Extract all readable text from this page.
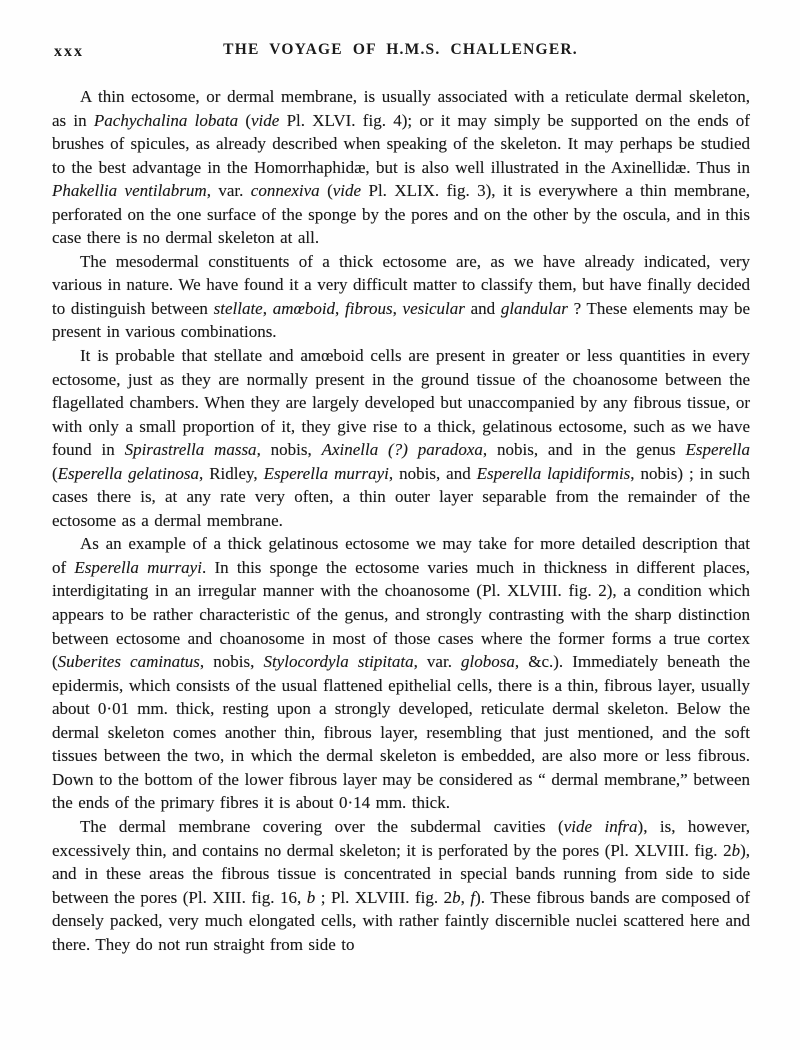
xxx	THE VOYAGE OF H.M.S. CHALLENGER.

A thin ectosome, or dermal membrane, is usually associated with a reticulate dermal skeleton, as in Pachychalina lobata (vide Pl. XLVI. fig. 4); or it may simply be supported on the ends of brushes of spicules, as already described when speaking of the skeleton. It may perhaps be studied to the best advantage in the Homorrhaphidæ, but is also well illustrated in the Axinellidæ. Thus in Phakellia ventilabrum, var. connexiva (vide Pl. XLIX. fig. 3), it is everywhere a thin membrane, perforated on the one surface of the sponge by the pores and on the other by the oscula, and in this case there is no dermal skeleton at all.

The mesodermal constituents of a thick ectosome are, as we have already indicated, very various in nature. We have found it a very difficult matter to classify them, but have finally decided to distinguish between stellate, amœboid, fibrous, vesicular and glandular ? These elements may be present in various combinations.

It is probable that stellate and amœboid cells are present in greater or less quantities in every ectosome, just as they are normally present in the ground tissue of the choanosome between the flagellated chambers. When they are largely developed but unaccompanied by any fibrous tissue, or with only a small proportion of it, they give rise to a thick, gelatinous ectosome, such as we have found in Spirastrella massa, nobis, Axinella (?) paradoxa, nobis, and in the genus Esperella (Esperella gelatinosa, Ridley, Esperella murrayi, nobis, and Esperella lapidiformis, nobis) ; in such cases there is, at any rate very often, a thin outer layer separable from the remainder of the ectosome as a dermal membrane.

As an example of a thick gelatinous ectosome we may take for more detailed description that of Esperella murrayi. In this sponge the ectosome varies much in thickness in different places, interdigitating in an irregular manner with the choanosome (Pl. XLVIII. fig. 2), a condition which appears to be rather characteristic of the genus, and strongly contrasting with the sharp distinction between ectosome and choanosome in most of those cases where the former forms a true cortex (Suberites caminatus, nobis, Stylocordyla stipitata, var. globosa, &c.). Immediately beneath the epidermis, which consists of the usual flattened epithelial cells, there is a thin, fibrous layer, usually about 0·01 mm. thick, resting upon a strongly developed, reticulate dermal skeleton. Below the dermal skeleton comes another thin, fibrous layer, resembling that just mentioned, and the soft tissues between the two, in which the dermal skeleton is embedded, are also more or less fibrous. Down to the bottom of the lower fibrous layer may be considered as “ dermal membrane,” between the ends of the primary fibres it is about 0·14 mm. thick.

The dermal membrane covering over the subdermal cavities (vide infra), is, however, excessively thin, and contains no dermal skeleton; it is perforated by the pores (Pl. XLVIII. fig. 2b), and in these areas the fibrous tissue is concentrated in special bands running from side to side between the pores (Pl. XIII. fig. 16, b ; Pl. XLVIII. fig. 2b, f). These fibrous bands are composed of densely packed, very much elongated cells, with rather faintly discernible nuclei scattered here and there. They do not run straight from side to
